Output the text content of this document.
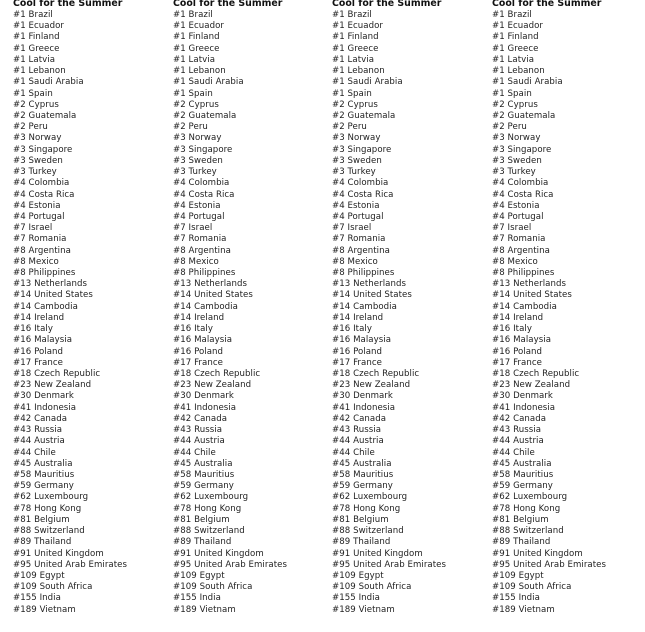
Cool for the Summer
#1 Brazil
#1 Ecuador
#1 Finland
#1 Greece
#1 Latvia
#1 Lebanon
#1 Saudi Arabia
#1 Spain
#2 Cyprus
#2 Guatemala
#2 Peru
#3 Norway
#3 Singapore
#3 Sweden
#3 Turkey
#4 Colombia
#4 Costa Rica
#4 Estonia
#4 Portugal
#7 Israel
#7 Romania
#8 Argentina
#8 Mexico
#8 Philippines
#13 Netherlands
#14 United States
#14 Cambodia
#14 Ireland
#16 Italy
#16 Malaysia
#16 Poland
#17 France
#18 Czech Republic
#23 New Zealand
#30 Denmark
#41 Indonesia
#42 Canada
#43 Russia
#44 Austria
#44 Chile
#45 Australia
#58 Mauritius
#59 Germany
#62 Luxembourg
#78 Hong Kong
#81 Belgium
#88 Switzerland
#89 Thailand
#91 United Kingdom
#95 United Arab Emirates
#109 Egypt
#109 South Africa
#155 India
#189 Vietnam
Cool for the Summer
#1 Brazil
#1 Ecuador
#1 Finland
#1 Greece
#1 Latvia
#1 Lebanon
#1 Saudi Arabia
#1 Spain
#2 Cyprus
#2 Guatemala
#2 Peru
#3 Norway
#3 Singapore
#3 Sweden
#3 Turkey
#4 Colombia
#4 Costa Rica
#4 Estonia
#4 Portugal
#7 Israel
#7 Romania
#8 Argentina
#8 Mexico
#8 Philippines
#13 Netherlands
#14 United States
#14 Cambodia
#14 Ireland
#16 Italy
#16 Malaysia
#16 Poland
#17 France
#18 Czech Republic
#23 New Zealand
#30 Denmark
#41 Indonesia
#42 Canada
#43 Russia
#44 Austria
#44 Chile
#45 Australia
#58 Mauritius
#59 Germany
#62 Luxembourg
#78 Hong Kong
#81 Belgium
#88 Switzerland
#89 Thailand
#91 United Kingdom
#95 United Arab Emirates
#109 Egypt
#109 South Africa
#155 India
#189 Vietnam
Cool for the Summer
#1 Brazil
#1 Ecuador
#1 Finland
#1 Greece
#1 Latvia
#1 Lebanon
#1 Saudi Arabia
#1 Spain
#2 Cyprus
#2 Guatemala
#2 Peru
#3 Norway
#3 Singapore
#3 Sweden
#3 Turkey
#4 Colombia
#4 Costa Rica
#4 Estonia
#4 Portugal
#7 Israel
#7 Romania
#8 Argentina
#8 Mexico
#8 Philippines
#13 Netherlands
#14 United States
#14 Cambodia
#14 Ireland
#16 Italy
#16 Malaysia
#16 Poland
#17 France
#18 Czech Republic
#23 New Zealand
#30 Denmark
#41 Indonesia
#42 Canada
#43 Russia
#44 Austria
#44 Chile
#45 Australia
#58 Mauritius
#59 Germany
#62 Luxembourg
#78 Hong Kong
#81 Belgium
#88 Switzerland
#89 Thailand
#91 United Kingdom
#95 United Arab Emirates
#109 Egypt
#109 South Africa
#155 India
#189 Vietnam
Cool for the Summer
#1 Brazil
#1 Ecuador
#1 Finland
#1 Greece
#1 Latvia
#1 Lebanon
#1 Saudi Arabia
#1 Spain
#2 Cyprus
#2 Guatemala
#2 Peru
#3 Norway
#3 Singapore
#3 Sweden
#3 Turkey
#4 Colombia
#4 Costa Rica
#4 Estonia
#4 Portugal
#7 Israel
#7 Romania
#8 Argentina
#8 Mexico
#8 Philippines
#13 Netherlands
#14 United States
#14 Cambodia
#14 Ireland
#16 Italy
#16 Malaysia
#16 Poland
#17 France
#18 Czech Republic
#23 New Zealand
#30 Denmark
#41 Indonesia
#42 Canada
#43 Russia
#44 Austria
#44 Chile
#45 Australia
#58 Mauritius
#59 Germany
#62 Luxembourg
#78 Hong Kong
#81 Belgium
#88 Switzerland
#89 Thailand
#91 United Kingdom
#95 United Arab Emirates
#109 Egypt
#109 South Africa
#155 India
#189 Vietnam
